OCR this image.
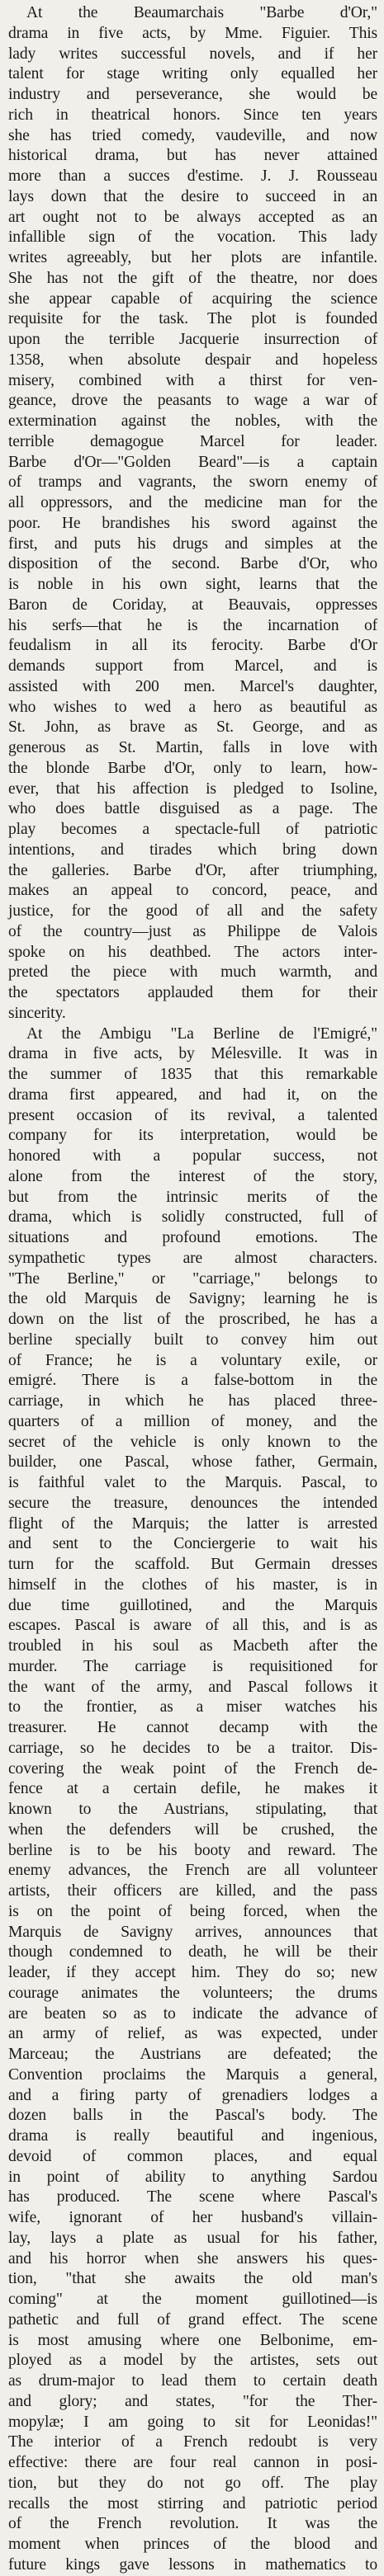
At the Beaumarchais "Barbe d'Or,"
drama in five acts, by Mme. Figuier. This
lady writes successful novels, and if her
talent for stage writing only equalled her
industry and perseverance, she would be
rich in theatrical honors. Since ten years
she has tried comedy, vaudeville, and now
historical drama, but has never attained
more than a succes d'estime. J. J. Rousseau
lays down that the desire to succeed in an
art ought not to be always accepted as an
infallible sign of the vocation. This lady
writes agreeably, but her plots are infantile.
She has not the gift of the theatre, nor does
she appear capable of acquiring the science
requisite for the task. The plot is founded
upon the terrible Jacquerie insurrection of
1358, when absolute despair and hopeless
misery, combined with a thirst for ven-
geance, drove the peasants to wage a war of
extermination against the nobles, with the
terrible demagogue Marcel for leader.
Barbe d'Or—"Golden Beard"—is a captain
of tramps and vagrants, the sworn enemy of
all oppressors, and the medicine man for the
poor. He brandishes his sword against the
first, and puts his drugs and simples at the
disposition of the second. Barbe d'Or, who
is noble in his own sight, learns that the
Baron de Coriday, at Beauvais, oppresses
his serfs—that he is the incarnation of
feudalism in all its ferocity. Barbe d'Or
demands support from Marcel, and is
assisted with 200 men. Marcel's daughter,
who wishes to wed a hero as beautiful as
St. John, as brave as St. George, and as
generous as St. Martin, falls in love with
the blonde Barbe d'Or, only to learn, how-
ever, that his affection is pledged to Isoline,
who does battle disguised as a page. The
play becomes a spectacle-full of patriotic
intentions, and tirades which bring down
the galleries. Barbe d'Or, after triumphing,
makes an appeal to concord, peace, and
justice, for the good of all and the safety
of the country—just as Philippe de Valois
spoke on his deathbed. The actors inter-
preted the piece with much warmth, and
the spectators applauded them for their
sincerity.
At the Ambigu "La Berline de l'Emigré,"
drama in five acts, by Mélesville. It was in
the summer of 1835 that this remarkable
drama first appeared, and had it, on the
present occasion of its revival, a talented
company for its interpretation, would be
honored with a popular success, not
alone from the interest of the story,
but from the intrinsic merits of the
drama, which is solidly constructed, full of
situations and profound emotions. The
sympathetic types are almost characters.
"The Berline," or "carriage," belongs to
the old Marquis de Savigny; learning he is
down on the list of the proscribed, he has a
berline specially built to convey him out
of France; he is a voluntary exile, or
emigré. There is a false-bottom in the
carriage, in which he has placed three-
quarters of a million of money, and the
secret of the vehicle is only known to the
builder, one Pascal, whose father, Germain,
is faithful valet to the Marquis. Pascal, to
secure the treasure, denounces the intended
flight of the Marquis; the latter is arrested
and sent to the Conciergerie to wait his
turn for the scaffold. But Germain dresses
himself in the clothes of his master, is in
due time guillotined, and the Marquis
escapes. Pascal is aware of all this, and is as
troubled in his soul as Macbeth after the
murder. The carriage is requisitioned for
the want of the army, and Pascal follows it
to the frontier, as a miser watches his
treasurer. He cannot decamp with the
carriage, so he decides to be a traitor. Dis-
covering the weak point of the French de-
fence at a certain defile, he makes it
known to the Austrians, stipulating, that
when the defenders will be crushed, the
berline is to be his booty and reward. The
enemy advances, the French are all volunteer
artists, their officers are killed, and the pass
is on the point of being forced, when the
Marquis de Savigny arrives, announces that
though condemned to death, he will be their
leader, if they accept him. They do so; new
courage animates the volunteers; the drums
are beaten so as to indicate the advance of
an army of relief, as was expected, under
Marceau; the Austrians are defeated; the
Convention proclaims the Marquis a general,
and a firing party of grenadiers lodges a
dozen balls in the Pascal's body. The
drama is really beautiful and ingenious,
devoid of common places, and equal
in point of ability to anything Sardou
has produced. The scene where Pascal's
wife, ignorant of her husband's villain-
lay, lays a plate as usual for his father,
and his horror when she answers his ques-
tion, "that she awaits the old man's
coming" at the moment guillotined—is
pathetic and full of grand effect. The scene
is most amusing where one Belbonime, em-
ployed as a model by the artistes, sets out
as drum-major to lead them to certain death
and glory; and states, "for the Ther-
mopylæ; I am going to sit for Leonidas!"
The interior of a French redoubt is very
effective: there are four real cannon in posi-
tion, but they do not go off. The play
recalls the most stirring and patriotic period
of the French revolution. It was the
moment when princes of the blood and
future kings gave lessons in mathematics to
